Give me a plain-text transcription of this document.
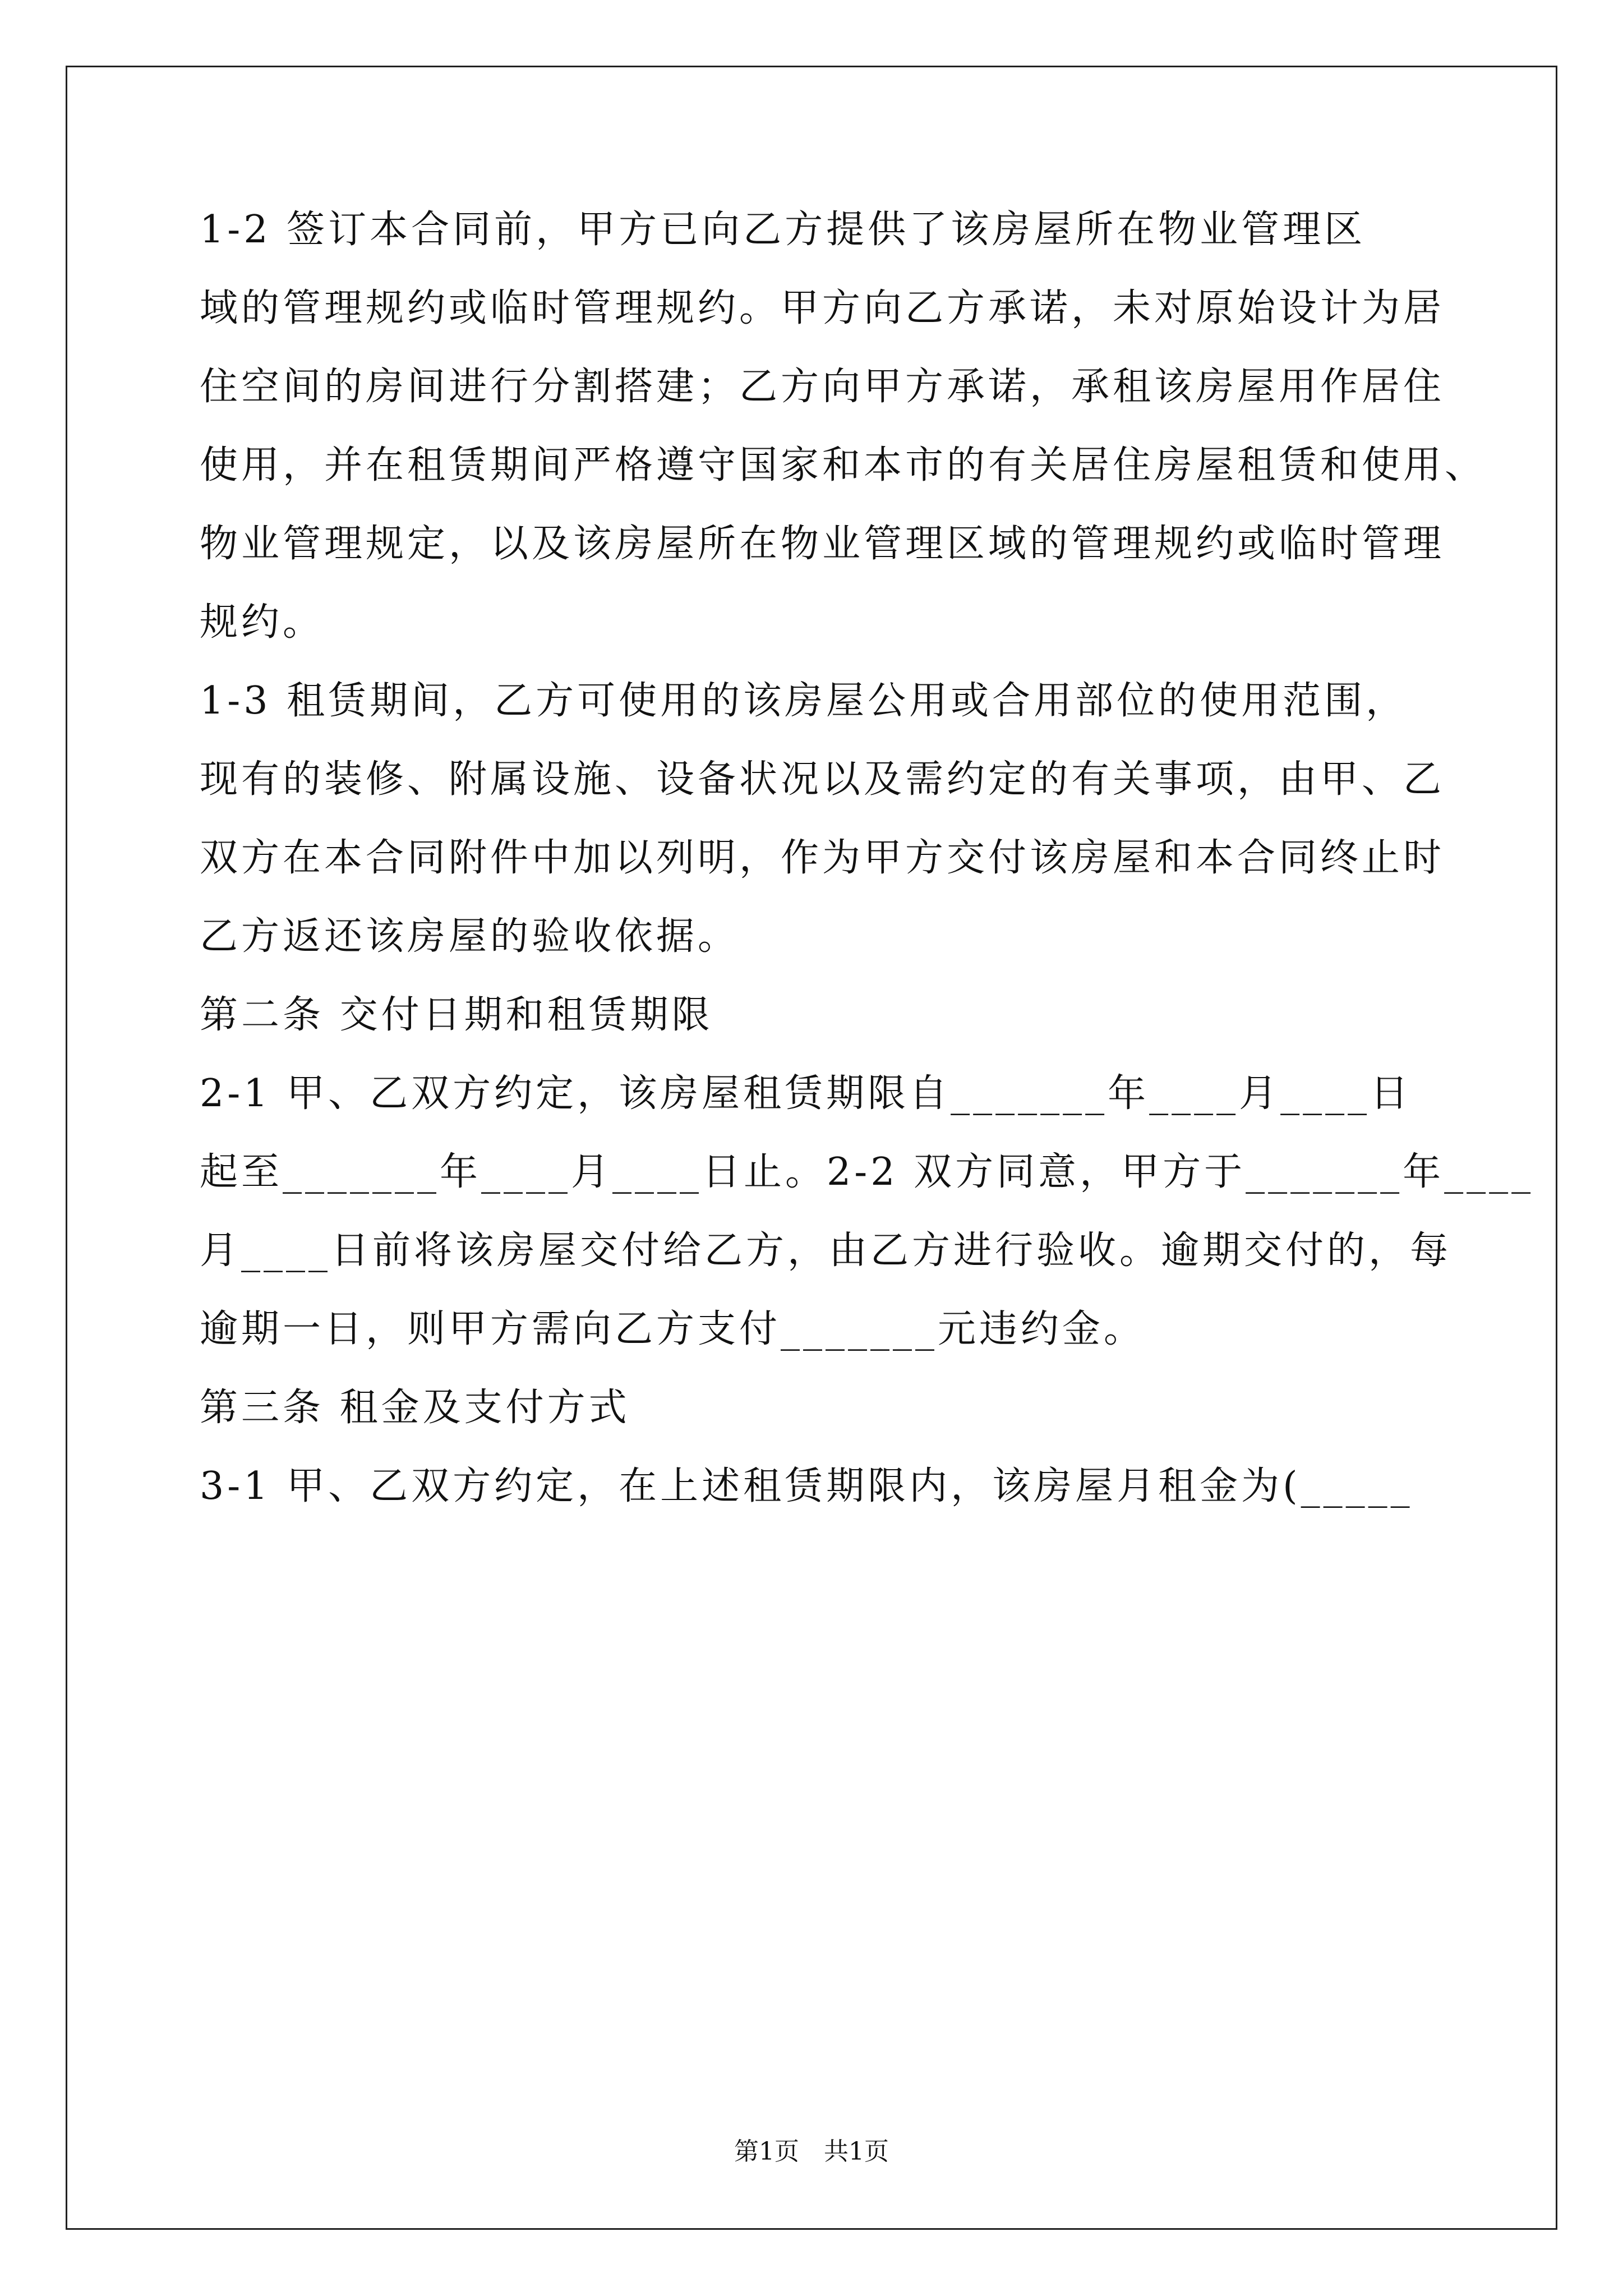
1-2 签订本合同前，甲方已向乙方提供了该房屋所在物业管理区
域的管理规约或临时管理规约。甲方向乙方承诺，未对原始设计为居
住空间的房间进行分割搭建；乙方向甲方承诺，承租该房屋用作居住
使用，并在租赁期间严格遵守国家和本市的有关居住房屋租赁和使用、
物业管理规定，以及该房屋所在物业管理区域的管理规约或临时管理
规约。
1-3 租赁期间，乙方可使用的该房屋公用或合用部位的使用范围，
现有的装修、附属设施、设备状况以及需约定的有关事项，由甲、乙
双方在本合同附件中加以列明，作为甲方交付该房屋和本合同终止时
乙方返还该房屋的验收依据。
第二条 交付日期和租赁期限
2-1 甲、乙双方约定，该房屋租赁期限自_______年____月____日
起至_______年____月____日止。2-2 双方同意，甲方于_______年____
月____日前将该房屋交付给乙方，由乙方进行验收。逾期交付的，每
逾期一日，则甲方需向乙方支付_______元违约金。
第三条 租金及支付方式
3-1 甲、乙双方约定，在上述租赁期限内，该房屋月租金为(_____
第1页　共1页
